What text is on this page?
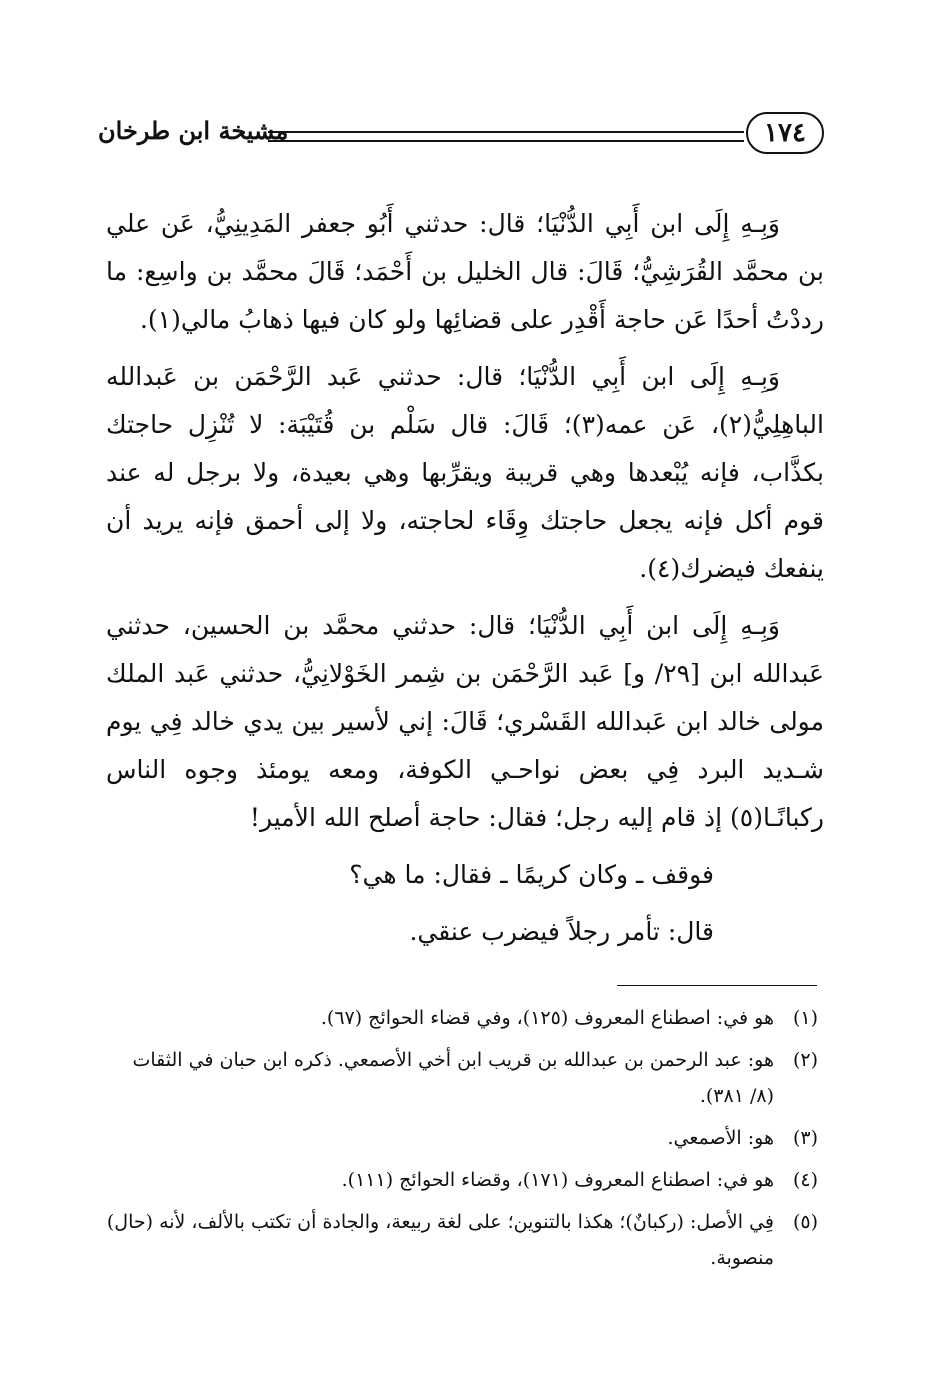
مشيخة ابن طرخان	١٧٤

وَبِـهِ إِلَى ابن أَبِي الدُّنْيَا؛ قال: حدثني أَبُو جعفر المَدِينِيُّ، عَن علي بن محمَّد القُرَشِيُّ؛ قَالَ: قال الخليل بن أَحْمَد؛ قَالَ محمَّد بن واسِع: ما رددْتُ أحدًا عَن حاجة أَقْدِر على قضائِها ولو كان فيها ذهابُ مالي(١).

وَبِـهِ إِلَى ابن أَبِي الدُّنْيَا؛ قال: حدثني عَبد الرَّحْمَن بن عَبدالله الباهِلِيُّ(٢)، عَن عمه(٣)؛ قَالَ: قال سَلْم بن قُتَيْبَة: لا تُنْزِل حاجتك بكذَّاب، فإنه يُبْعدها وهي قريبة ويقرِّبها وهي بعيدة، ولا برجل له عند قوم أكل فإنه يجعل حاجتك وِقَاء لحاجته، ولا إلى أحمق فإنه يريد أن ينفعك فيضرك(٤).

وَبِـهِ إِلَى ابن أَبِي الدُّنْيَا؛ قال: حدثني محمَّد بن الحسين، حدثني عَبدالله ابن [٢٩/ و] عَبد الرَّحْمَن بن شِمر الخَوْلانِيُّ، حدثني عَبد الملك مولى خالد ابن عَبدالله القَسْري؛ قَالَ: إني لأسير بين يدي خالد فِي يوم شـديد البرد فِي بعض نواحـي الكوفة، ومعه يومئذ وجوه الناس ركبانًـا(٥) إذ قام إليه رجل؛ فقال: حاجة أصلح الله الأمير!

فوقف ـ وكان كريمًا ـ فقال: ما هي؟

قال: تأمر رجلاً فيضرب عنقي.

(١)
هو في: اصطناع المعروف (١٢٥)، وفي قضاء الحوائج (٦٧).
(٢)
هو: عبد الرحمن بن عبدالله بن قريب ابن أخي الأصمعي. ذكره ابن حبان في الثقات (٨/ ٣٨١).
(٣)
هو: الأصمعي.
(٤)
هو في: اصطناع المعروف (١٧١)، وقضاء الحوائج (١١١).
(٥)
فِي الأصل: (ركبانٌ)؛ هكذا بالتنوين؛ على لغة ربيعة، والجادة أن تكتب بالألف، لأنه (حال) منصوبة.
